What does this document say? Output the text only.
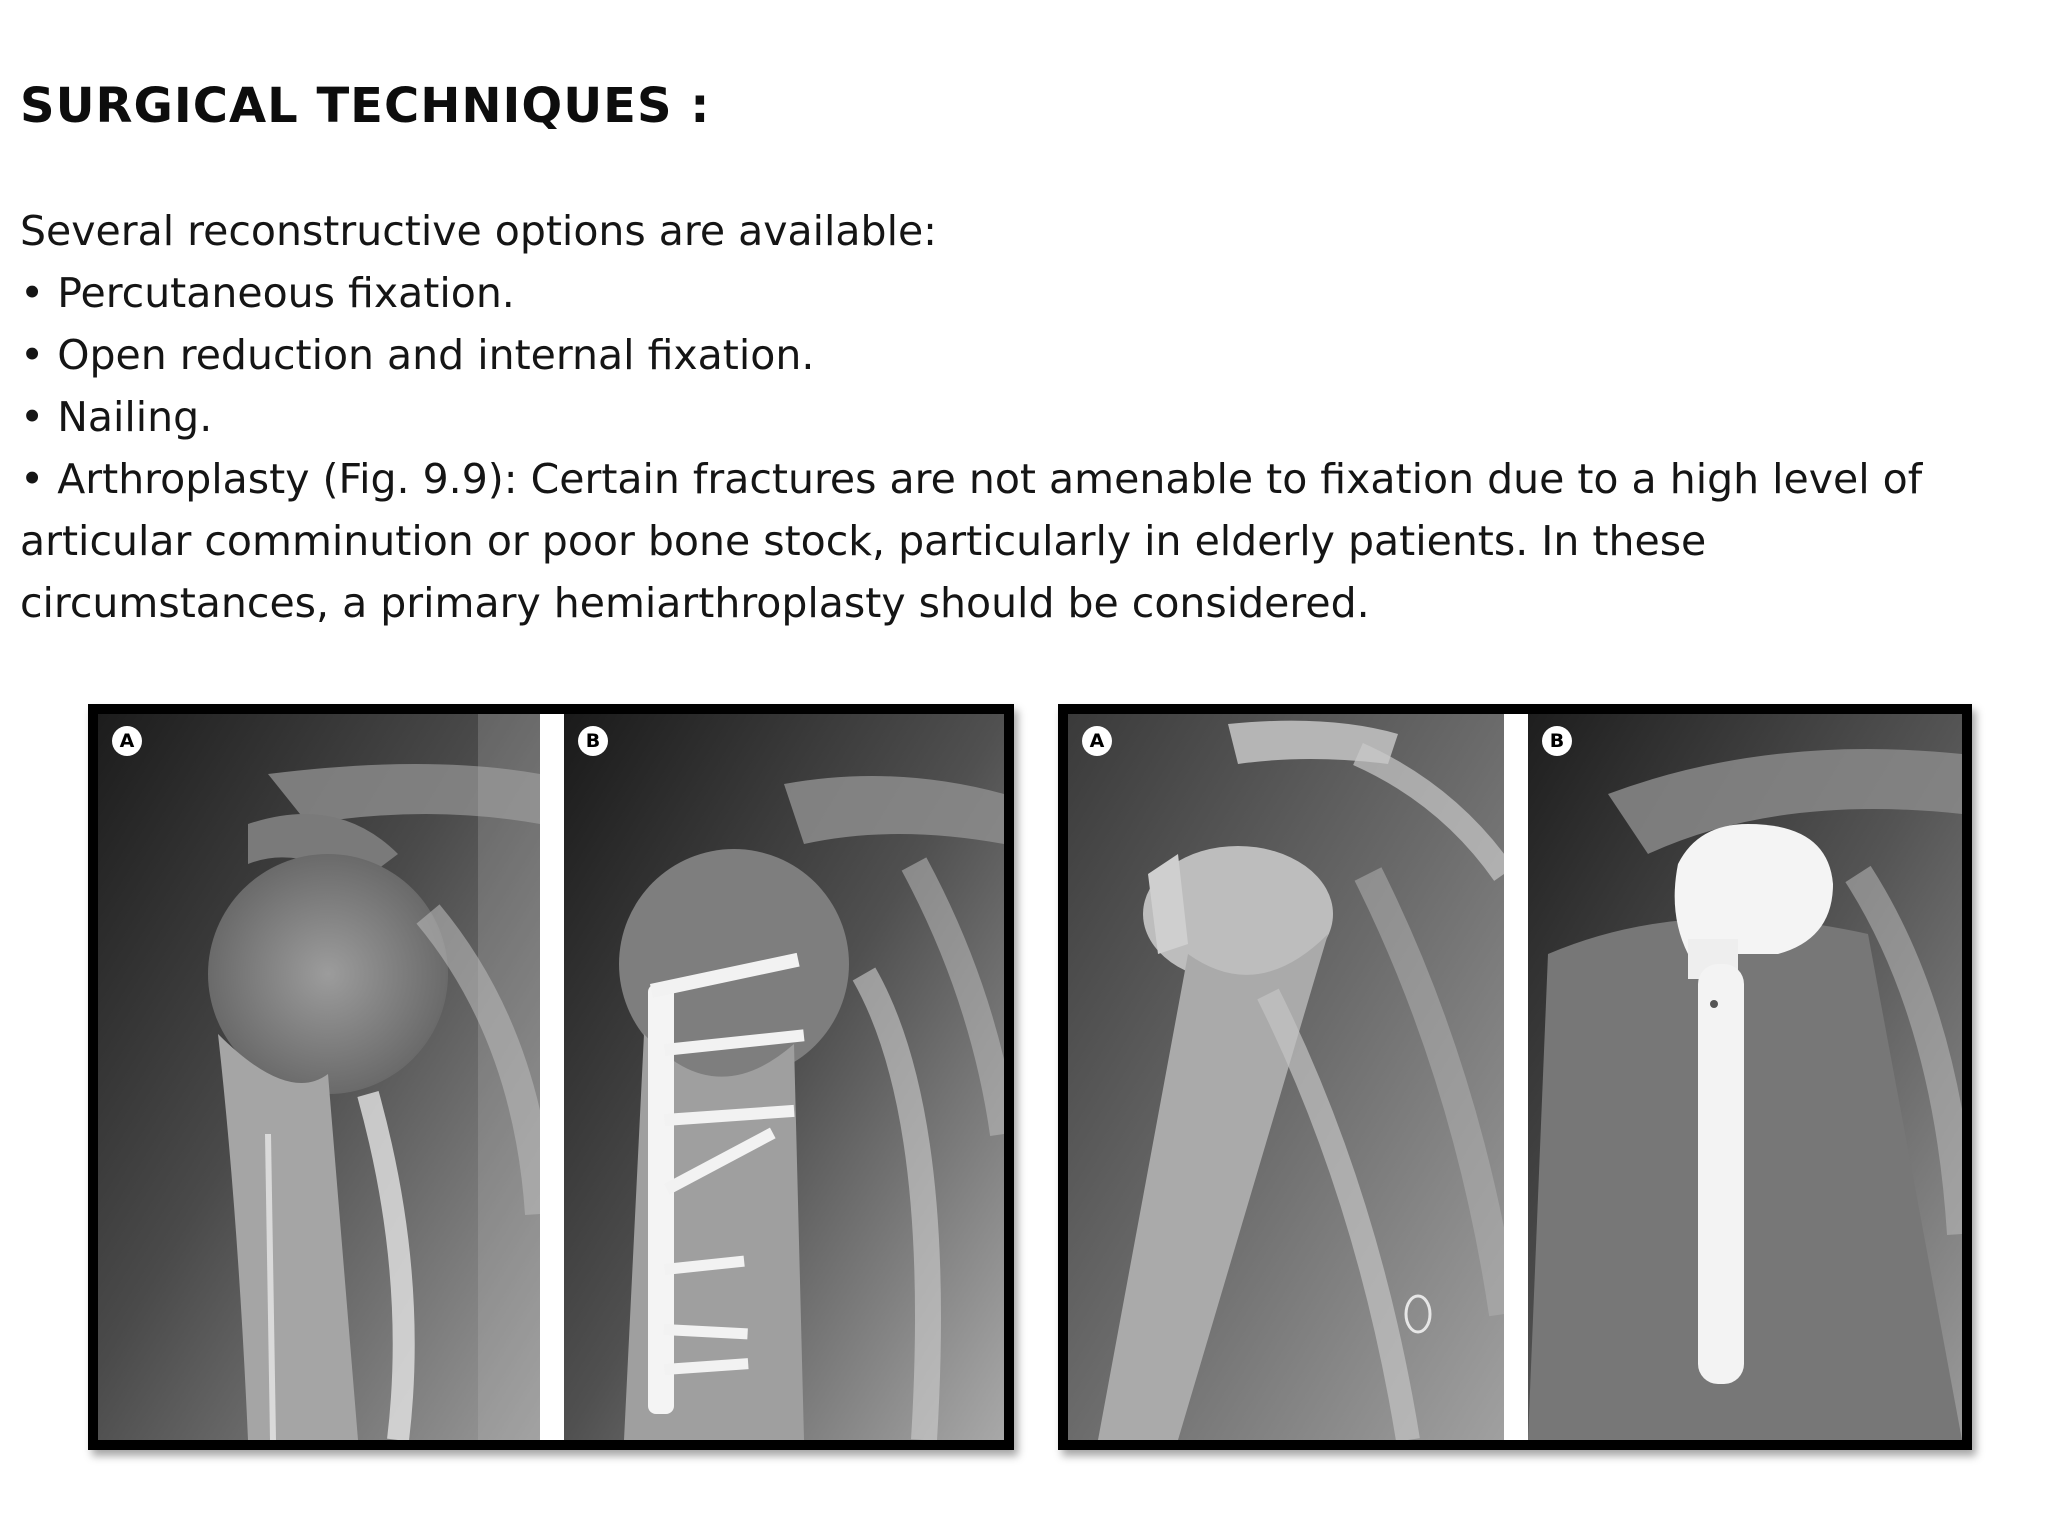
SURGICAL TECHNIQUES :

Several reconstructive options are available:

• Percutaneous fixation.

• Open reduction and internal fixation.

• Nailing.

• Arthroplasty (Fig. 9.9): Certain fractures are not amenable to fixation due to a high level of articular comminution or poor bone stock, particularly in elderly patients. In these circumstances, a primary hemiarthroplasty should be considered.

A	B	A	B
